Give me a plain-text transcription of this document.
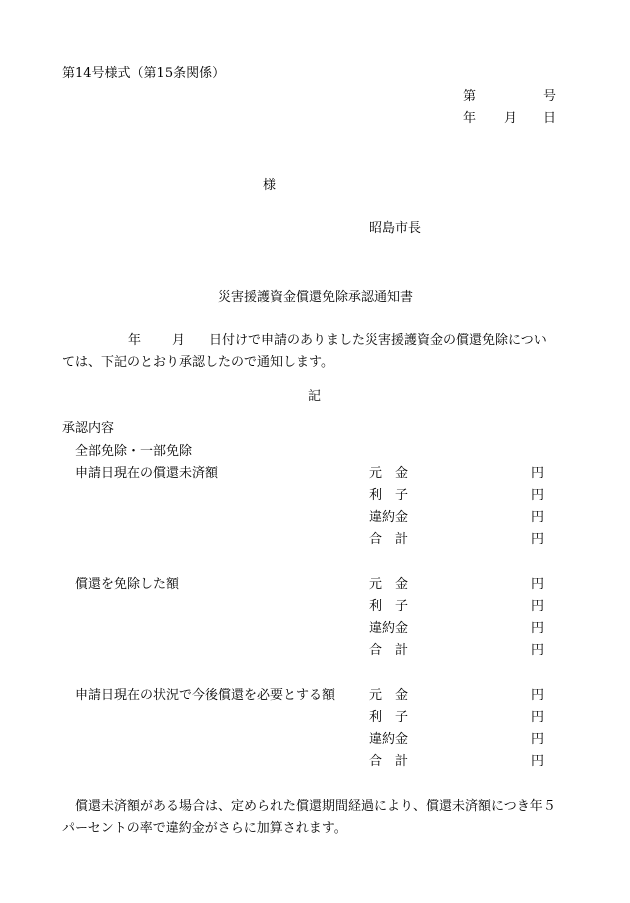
第14号様式（第15条関係）
第	号
年 月 日
様
昭島市長
災害援護資金償還免除承認通知書
年 月 日付けで申請のありました災害援護資金の償還免除につい
ては、下記のとおり承認したので通知します。
記
承認内容
全部免除・一部免除
申請日現在の償還未済額	元　金	円
利　子	円
違約金	円
合　計	円
償還を免除した額	元　金	円
利　子	円
違約金	円
合　計	円
申請日現在の状況で今後償還を必要とする額	元　金	円
利　子	円
違約金	円
合　計	円
償還未済額がある場合は、定められた償還期間経過により、償還未済額につき年５
パーセントの率で違約金がさらに加算されます。
